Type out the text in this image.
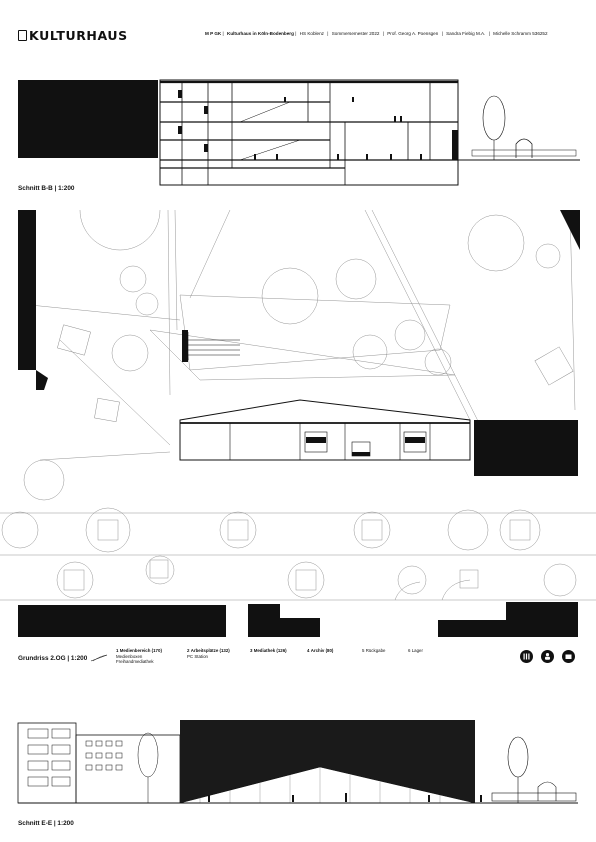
KULTURHAUS	M P GK | Kulturhaus in Köln-Bodenberg | HS Koblenz | Sommersemester 2022 | Prof. Georg A. Poensgen | Sandra Fiebig M.A. | Michelle Schramm 536252
Schnitt B-B | 1:200
Grundriss 2.OG | 1:200
1 Medienbereich (170)
Medienboxen
Freihandmediathek
2 Arbeitsplätze (132)
PC Station
3 Mediathek (126)	4 Archiv (80)	5 Rückgabe	6 Lager
Schnitt E-E | 1:200
